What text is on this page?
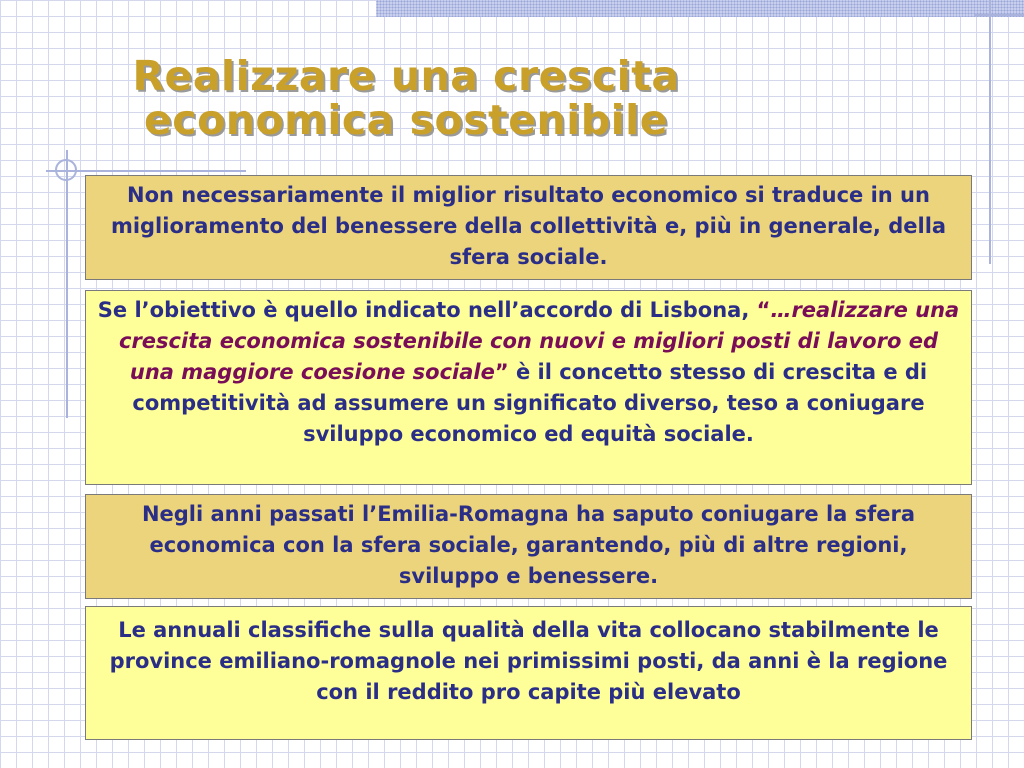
Realizzare una crescita
economica sostenibile
Non necessariamente il miglior risultato economico si traduce in un miglioramento del benessere della collettività e, più in generale, della sfera sociale.
Se l’obiettivo è quello indicato nell’accordo di Lisbona, “…realizzare una crescita economica sostenibile con nuovi e migliori posti di lavoro ed una maggiore coesione sociale” è il concetto stesso di crescita e di competitività ad assumere un significato diverso, teso a coniugare sviluppo economico ed equità sociale.
Negli anni passati l’Emilia-Romagna ha saputo coniugare la sfera economica con la sfera sociale, garantendo, più di altre regioni, sviluppo e benessere.
Le annuali classifiche sulla qualità della vita collocano stabilmente le province emiliano-romagnole nei primissimi posti, da anni è la regione con il reddito pro capite più elevato
